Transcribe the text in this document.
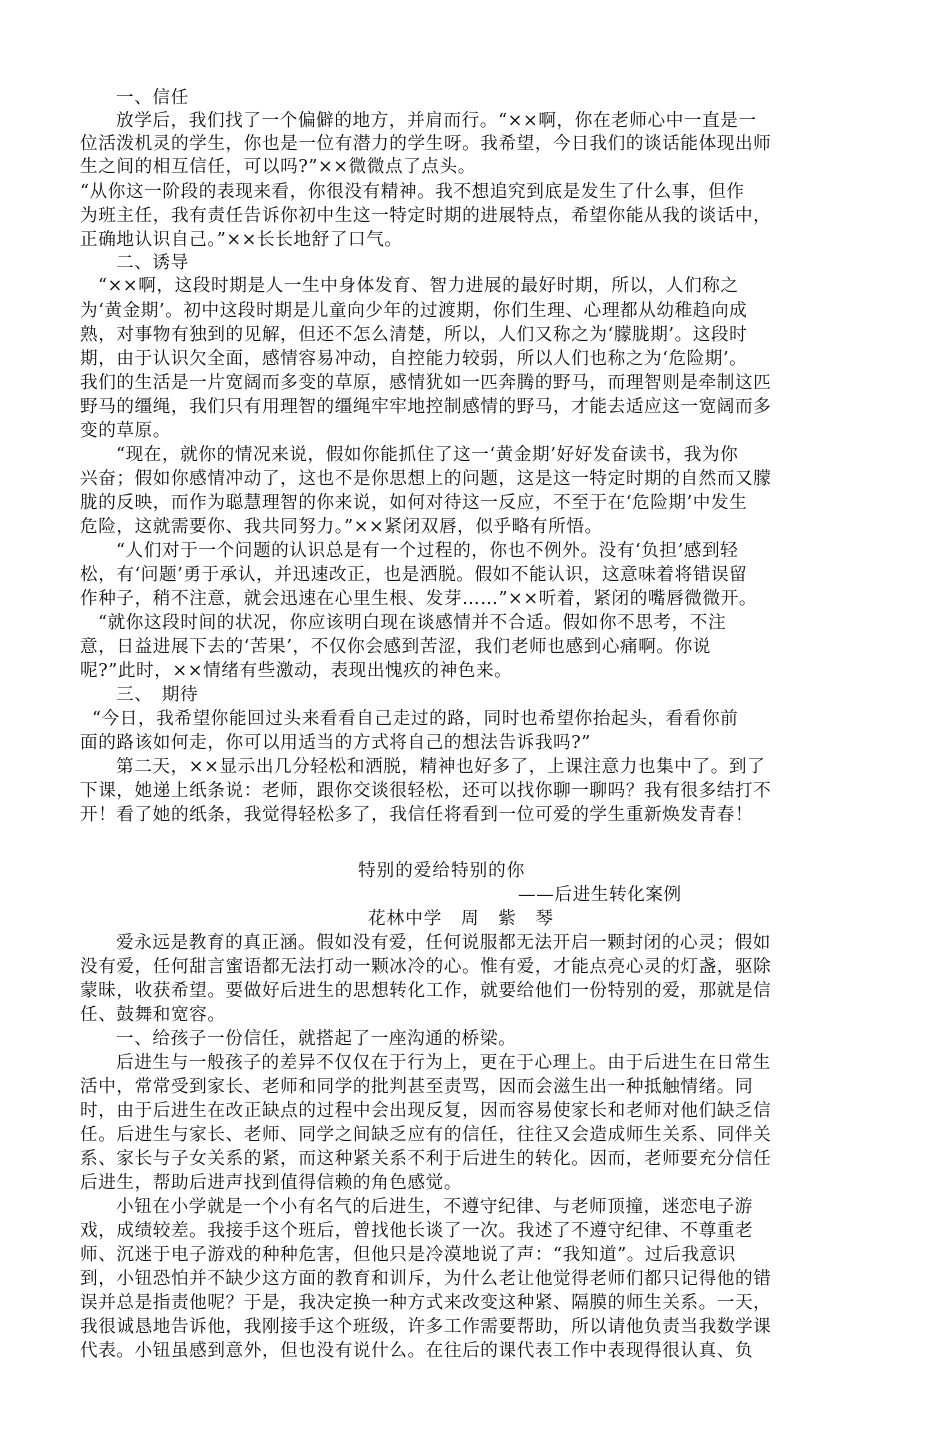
一、信任

放学后，我们找了一个偏僻的地方，并肩而行。“××啊，你在老师心中一直是一

位活泼机灵的学生，你也是一位有潜力的学生呀。我希望，今日我们的谈话能体现出师

生之间的相互信任，可以吗?”××微微点了点头。

“从你这一阶段的表现来看，你很没有精神。我不想追究到底是发生了什么事，但作

为班主任，我有责任告诉你初中生这一特定时期的进展特点，希望你能从我的谈话中，

正确地认识自己。”××长长地舒了口气。

二、诱导

“××啊，这段时期是人一生中身体发育、智力进展的最好时期，所以，人们称之

为‘黄金期’。初中这段时期是儿童向少年的过渡期，你们生理、心理都从幼稚趋向成

熟，对事物有独到的见解，但还不怎么清楚，所以，人们又称之为‘朦胧期’。这段时

期，由于认识欠全面，感情容易冲动，自控能力较弱，所以人们也称之为‘危险期’。

我们的生活是一片宽阔而多变的草原，感情犹如一匹奔腾的野马，而理智则是牵制这匹

野马的缰绳，我们只有用理智的缰绳牢牢地控制感情的野马，才能去适应这一宽阔而多

变的草原。

“现在，就你的情况来说，假如你能抓住了这一‘黄金期’好好发奋读书，我为你

兴奋；假如你感情冲动了，这也不是你思想上的问题，这是这一特定时期的自然而又朦

胧的反映，而作为聪慧理智的你来说，如何对待这一反应，不至于在‘危险期’中发生

危险，这就需要你、我共同努力。”××紧闭双唇，似乎略有所悟。

“人们对于一个问题的认识总是有一个过程的，你也不例外。没有‘负担’感到轻

松，有‘问题’勇于承认，并迅速改正，也是洒脱。假如不能认识，这意味着将错误留

作种子，稍不注意，就会迅速在心里生根、发芽……”××听着，紧闭的嘴唇微微开。

“就你这段时间的状况，你应该明白现在谈感情并不合适。假如你不思考，不注

意，日益进展下去的‘苦果’，不仅你会感到苦涩，我们老师也感到心痛啊。你说

呢?”此时，××情绪有些激动，表现出愧疚的神色来。

三、　期待

“今日，我希望你能回过头来看看自己走过的路，同时也希望你抬起头，看看你前

面的路该如何走，你可以用适当的方式将自己的想法告诉我吗?”

第二天，××显示出几分轻松和洒脱，精神也好多了，上课注意力也集中了。到了

下课，她递上纸条说：老师，跟你交谈很轻松，还可以找你聊一聊吗？我有很多结打不

开！看了她的纸条，我觉得轻松多了，我信任将看到一位可爱的学生重新焕发青春！

特别的爱给特别的你

——后进生转化案例

花林中学　周　紫　琴

爱永远是教育的真正涵。假如没有爱，任何说服都无法开启一颗封闭的心灵；假如

没有爱，任何甜言蜜语都无法打动一颗冰冷的心。惟有爱，才能点亮心灵的灯盏，驱除

蒙昧，收获希望。要做好后进生的思想转化工作，就要给他们一份特别的爱，那就是信

任、鼓舞和宽容。

一、给孩子一份信任，就搭起了一座沟通的桥梁。

后进生与一般孩子的差异不仅仅在于行为上，更在于心理上。由于后进生在日常生

活中，常常受到家长、老师和同学的批判甚至责骂，因而会滋生出一种抵触情绪。同

时，由于后进生在改正缺点的过程中会出现反复，因而容易使家长和老师对他们缺乏信

任。后进生与家长、老师、同学之间缺乏应有的信任，往往又会造成师生关系、同伴关

系、家长与子女关系的紧，而这种紧关系不利于后进生的转化。因而，老师要充分信任

后进生，帮助后进声找到值得信赖的角色感觉。

小钮在小学就是一个小有名气的后进生，不遵守纪律、与老师顶撞，迷恋电子游

戏，成绩较差。我接手这个班后，曾找他长谈了一次。我述了不遵守纪律、不尊重老

师、沉迷于电子游戏的种种危害，但他只是冷漠地说了声：“我知道”。过后我意识

到，小钮恐怕并不缺少这方面的教育和训斥，为什么老让他觉得老师们都只记得他的错

误并总是指责他呢？于是，我决定换一种方式来改变这种紧、隔膜的师生关系。一天，

我很诚恳地告诉他，我刚接手这个班级，许多工作需要帮助，所以请他负责当我数学课

代表。小钮虽感到意外，但也没有说什么。在往后的课代表工作中表现得很认真、负
